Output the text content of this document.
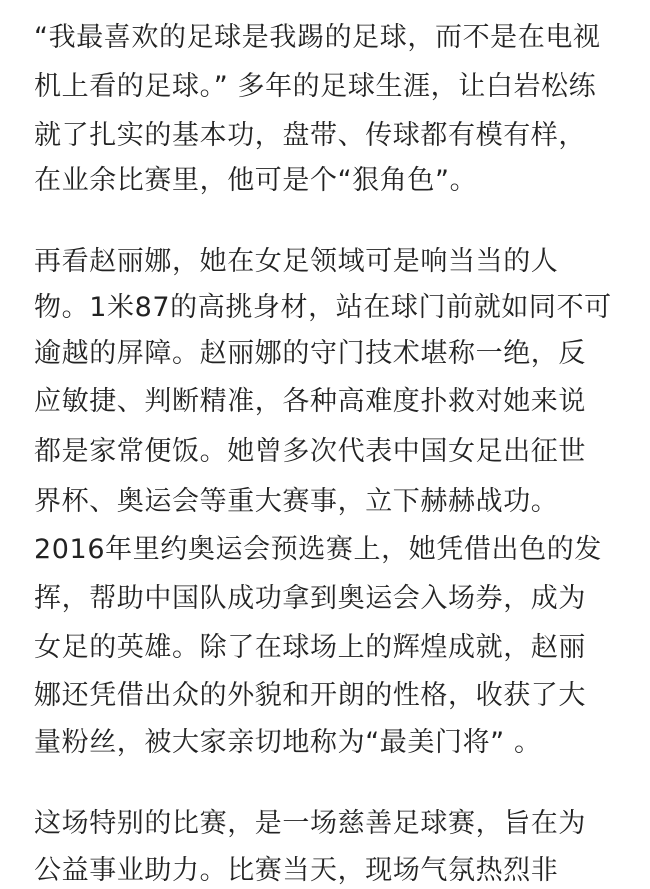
“我最喜欢的足球是我踢的足球，而不是在电视
机上看的足球。” 多年的足球生涯，让白岩松练
就了扎实的基本功，盘带、传球都有模有样，
在业余比赛里，他可是个“狠角色”。
再看赵丽娜，她在女足领域可是响当当的人
物。1米87的高挑身材，站在球门前就如同不可
逾越的屏障。赵丽娜的守门技术堪称一绝，反
应敏捷、判断精准，各种高难度扑救对她来说
都是家常便饭。她曾多次代表中国女足出征世
界杯、奥运会等重大赛事，立下赫赫战功。
2016年里约奥运会预选赛上，她凭借出色的发
挥，帮助中国队成功拿到奥运会入场券，成为
女足的英雄。除了在球场上的辉煌成就，赵丽
娜还凭借出众的外貌和开朗的性格，收获了大
量粉丝，被大家亲切地称为“最美门将” 。
这场特别的比赛，是一场慈善足球赛，旨在为
公益事业助力。比赛当天，现场气氛热烈非
